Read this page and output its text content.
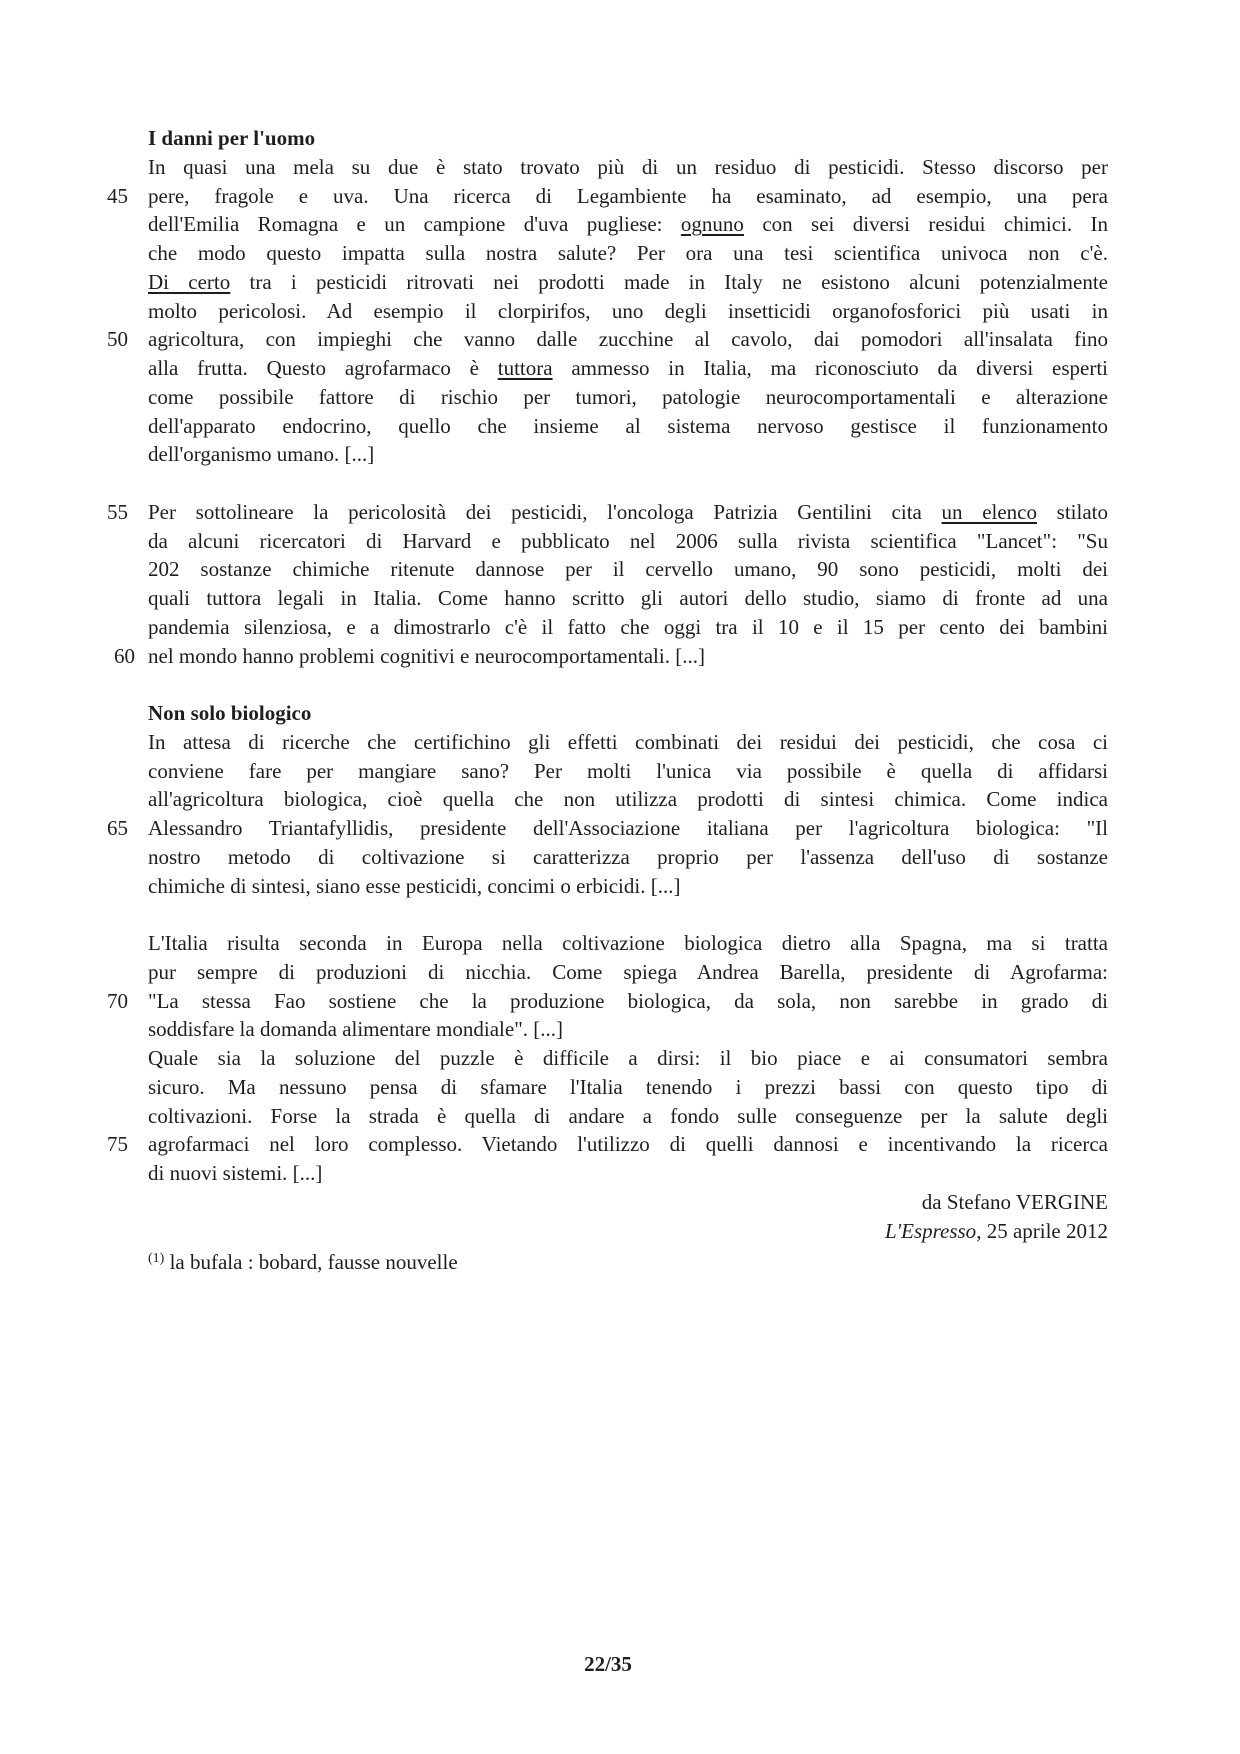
I danni per l'uomo
In quasi una mela su due è stato trovato più di un residuo di pesticidi. Stesso discorso per
45 pere, fragole e uva. Una ricerca di Legambiente ha esaminato, ad esempio, una pera
dell'Emilia Romagna e un campione d'uva pugliese: ognuno con sei diversi residui chimici. In
che modo questo impatta sulla nostra salute? Per ora una tesi scientifica univoca non c'è.
Di certo tra i pesticidi ritrovati nei prodotti made in Italy ne esistono alcuni potenzialmente
molto pericolosi. Ad esempio il clorpirifos, uno degli insetticidi organofosforici più usati in
50 agricoltura, con impieghi che vanno dalle zucchine al cavolo, dai pomodori all'insalata fino
alla frutta. Questo agrofarmaco è tuttora ammesso in Italia, ma riconosciuto da diversi esperti
come possibile fattore di rischio per tumori, patologie neurocomportamentali e alterazione
dell'apparato endocrino, quello che insieme al sistema nervoso gestisce il funzionamento
dell'organismo umano. [...]
55 Per sottolineare la pericolosità dei pesticidi, l'oncologa Patrizia Gentilini cita un elenco stilato
da alcuni ricercatori di Harvard e pubblicato nel 2006 sulla rivista scientifica "Lancet": "Su
202 sostanze chimiche ritenute dannose per il cervello umano, 90 sono pesticidi, molti dei
quali tuttora legali in Italia. Come hanno scritto gli autori dello studio, siamo di fronte ad una
pandemia silenziosa, e a dimostrarlo c'è il fatto che oggi tra il 10 e il 15 per cento dei bambini
60 nel mondo hanno problemi cognitivi e neurocomportamentali. [...]
Non solo biologico
In attesa di ricerche che certifichino gli effetti combinati dei residui dei pesticidi, che cosa ci
conviene fare per mangiare sano? Per molti l'unica via possibile è quella di affidarsi
all'agricoltura biologica, cioè quella che non utilizza prodotti di sintesi chimica. Come indica
65 Alessandro Triantafyllidis, presidente dell'Associazione italiana per l'agricoltura biologica: "Il
nostro metodo di coltivazione si caratterizza proprio per l'assenza dell'uso di sostanze
chimiche di sintesi, siano esse pesticidi, concimi o erbicidi. [...]
L'Italia risulta seconda in Europa nella coltivazione biologica dietro alla Spagna, ma si tratta
pur sempre di produzioni di nicchia. Come spiega Andrea Barella, presidente di Agrofarma:
70 "La stessa Fao sostiene che la produzione biologica, da sola, non sarebbe in grado di
soddisfare la domanda alimentare mondiale". [...]
Quale sia la soluzione del puzzle è difficile a dirsi: il bio piace e ai consumatori sembra
sicuro. Ma nessuno pensa di sfamare l'Italia tenendo i prezzi bassi con questo tipo di
coltivazioni. Forse la strada è quella di andare a fondo sulle conseguenze per la salute degli
75 agrofarmaci nel loro complesso. Vietando l'utilizzo di quelli dannosi e incentivando la ricerca
di nuovi sistemi. [...]
da Stefano VERGINE
L'Espresso, 25 aprile 2012
$^{(1)}$ la bufala : bobard, fausse nouvelle
22/35
